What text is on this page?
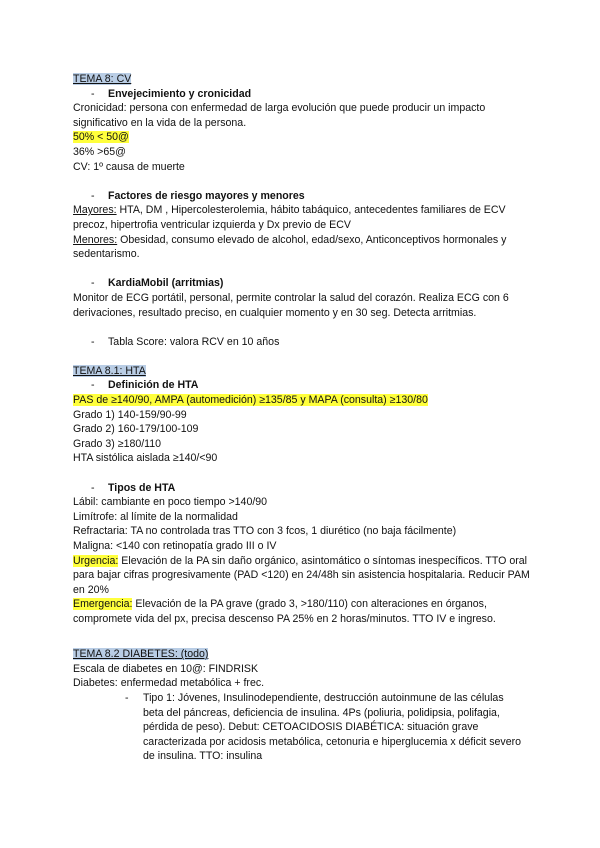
TEMA 8: CV
-	Envejecimiento y cronicidad
Cronicidad: persona con enfermedad de larga evolución que puede producir un impacto significativo en la vida de la persona.
50% < 50@
36% >65@
CV: 1º causa de muerte
-	Factores de riesgo mayores y menores
Mayores: HTA, DM , Hipercolesterolemia, hábito tabáquico, antecedentes familiares de ECV precoz, hipertrofia ventricular izquierda y Dx previo de ECV
Menores: Obesidad, consumo elevado de alcohol, edad/sexo, Anticonceptivos hormonales y sedentarismo.
-	KardiaMobil (arritmias)
Monitor de ECG portátil, personal, permite controlar la salud del corazón. Realiza ECG con 6 derivaciones, resultado preciso, en cualquier momento y en 30 seg. Detecta arritmias.
-	Tabla Score: valora RCV en 10 años
TEMA 8.1: HTA
-	Definición de HTA
PAS de ≥140/90, AMPA (automedición) ≥135/85 y MAPA (consulta) ≥130/80
Grado 1) 140-159/90-99
Grado 2) 160-179/100-109
Grado 3) ≥180/110
HTA sistólica aislada ≥140/<90
-	Tipos de HTA
Lábil: cambiante en poco tiempo >140/90
Limítrofe: al límite de la normalidad
Refractaria: TA no controlada tras TTO con 3 fcos, 1 diurético (no baja fácilmente)
Maligna: <140 con retinopatía grado III o IV
Urgencia: Elevación de la PA sin daño orgánico, asintomático o síntomas inespecíficos. TTO oral para bajar cifras progresivamente (PAD <120) en 24/48h sin asistencia hospitalaria. Reducir PAM en 20%
Emergencia: Elevación de la PA grave (grado 3, >180/110) con alteraciones en órganos, compromete vida del px, precisa descenso PA 25% en 2 horas/minutos. TTO IV e ingreso.
TEMA 8.2 DIABETES: (todo)
Escala de diabetes en 10@: FINDRISK
Diabetes: enfermedad metabólica + frec.
-	Tipo 1: Jóvenes, Insulinodependiente, destrucción autoinmune de las células beta del páncreas, deficiencia de insulina. 4Ps (poliuria, polidipsia, polifagia, pérdida de peso). Debut: CETOACIDOSIS DIABÉTICA: situación grave caracterizada por acidosis metabólica, cetonuria e hiperglucemia x déficit severo de insulina. TTO: insulina
